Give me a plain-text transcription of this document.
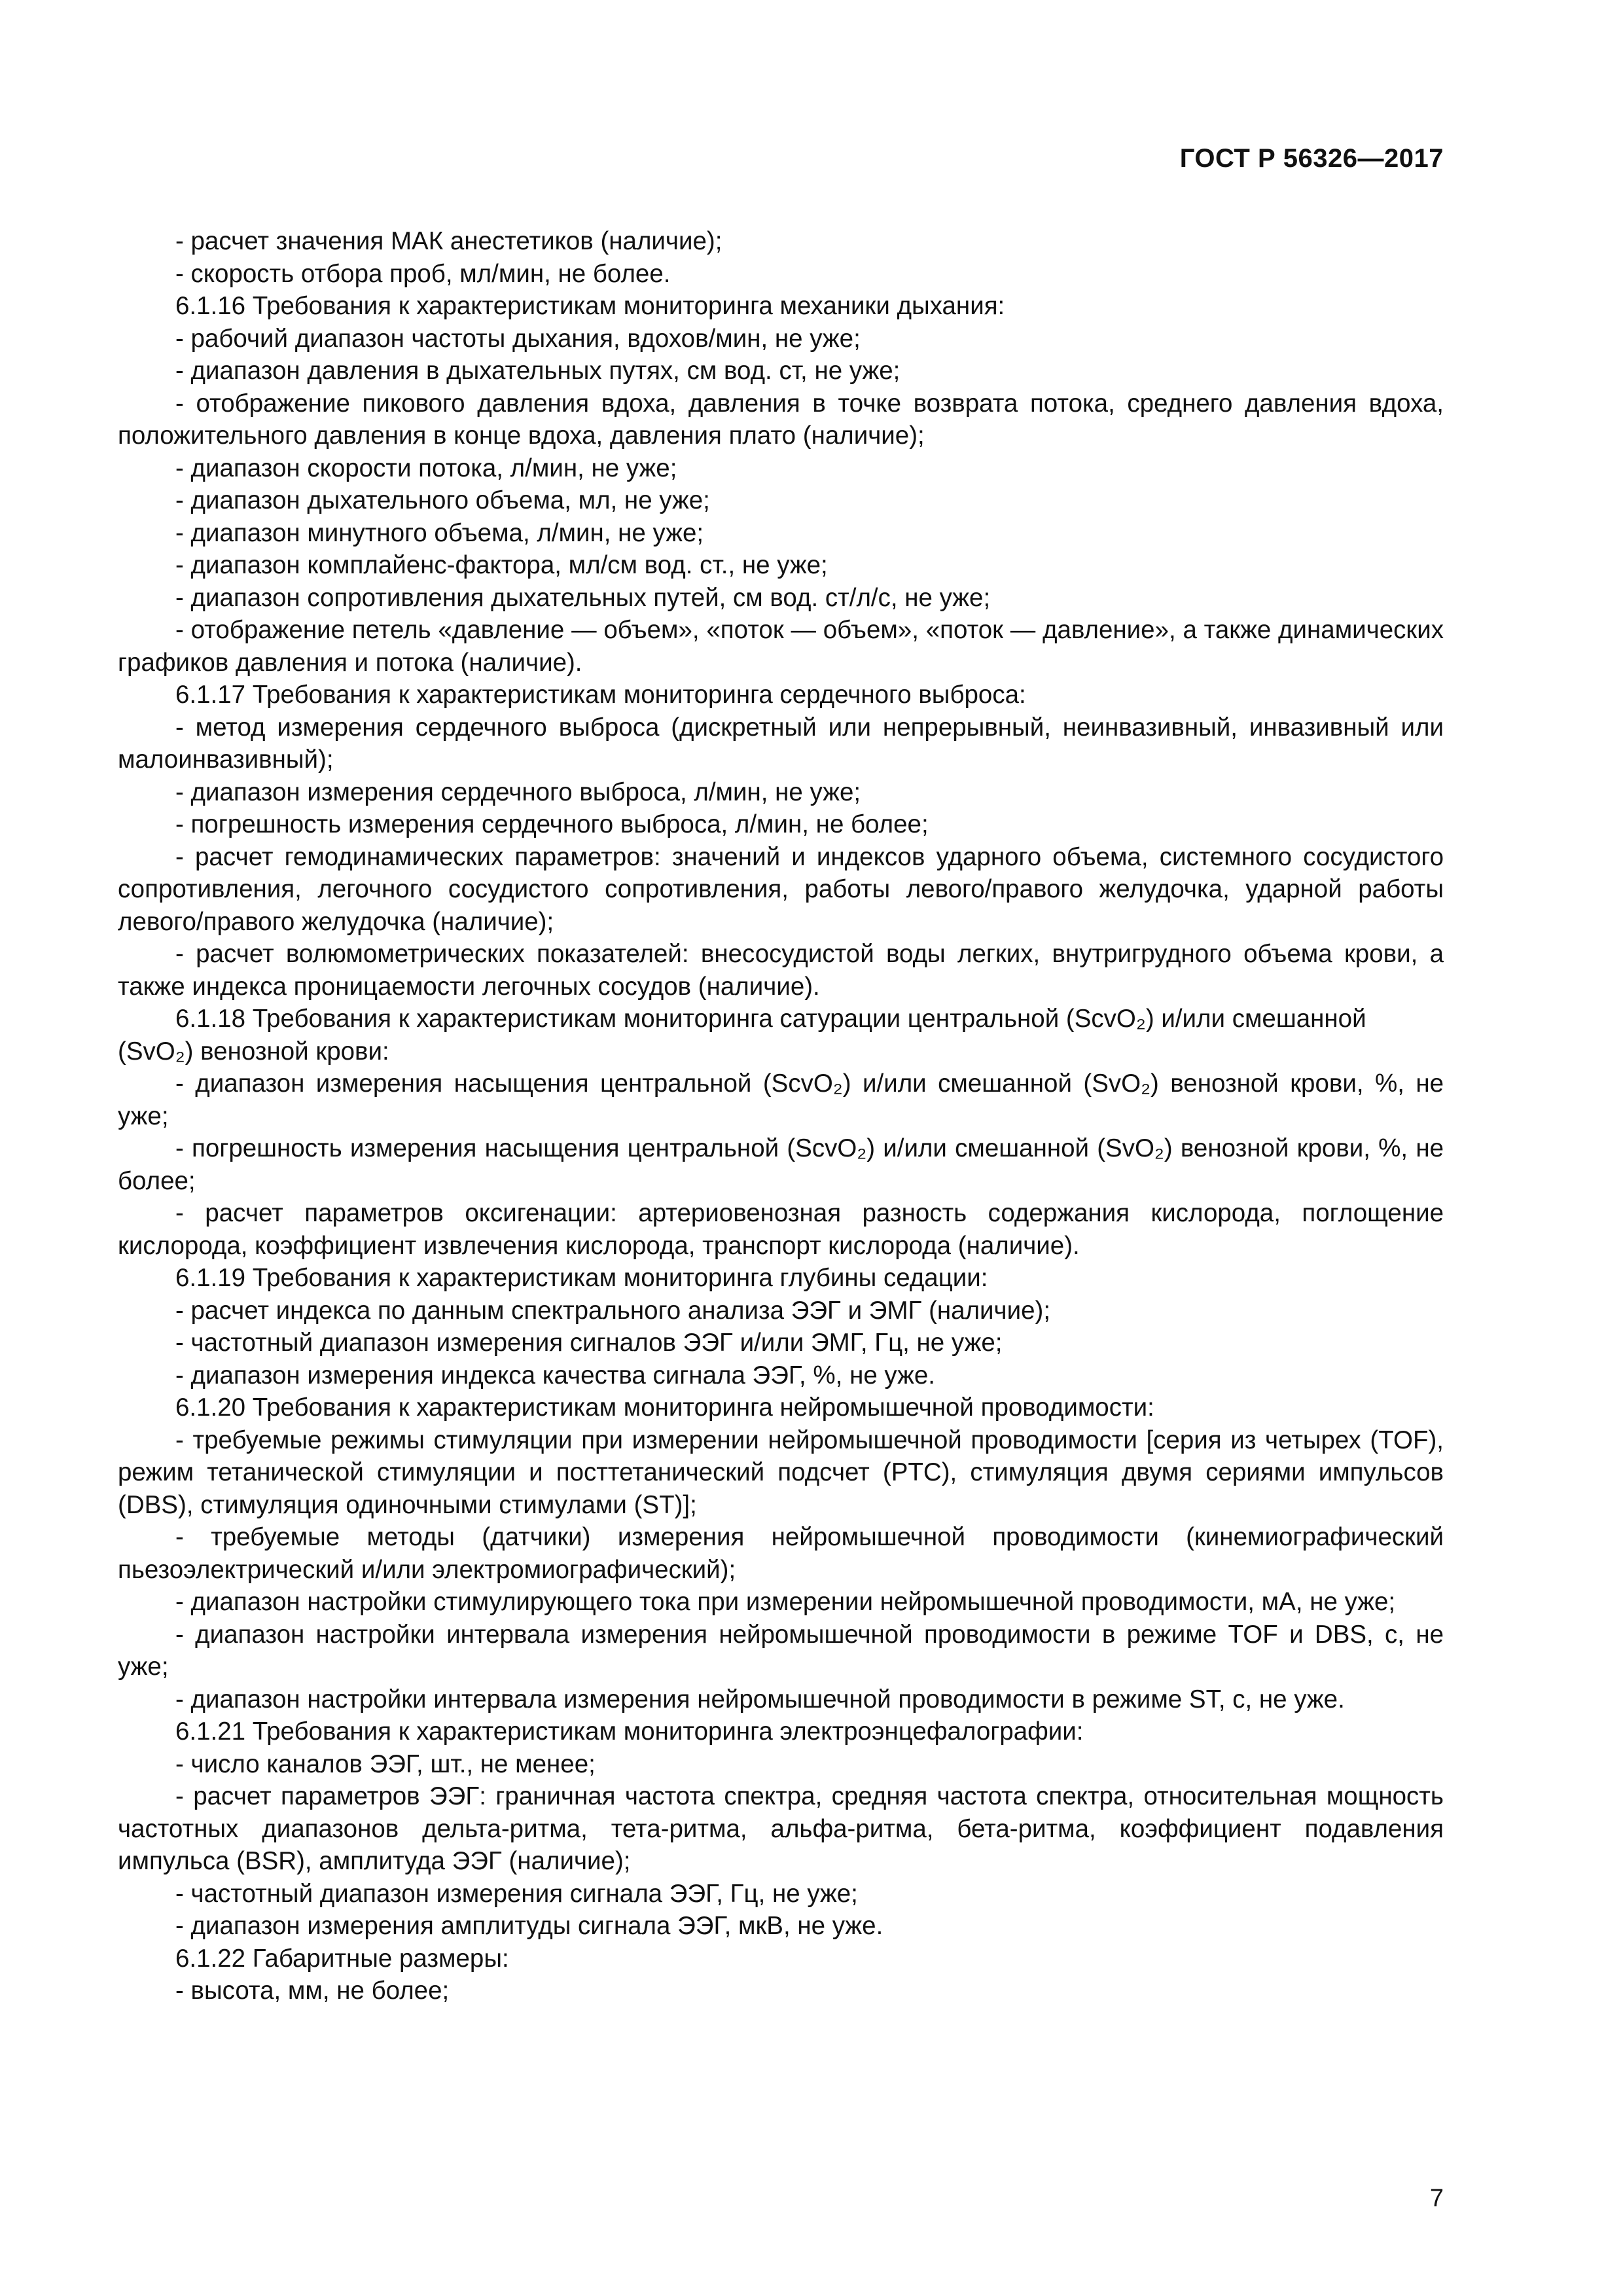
ГОСТ Р 56326—2017

- расчет значения МАК анестетиков (наличие);

- скорость отбора проб, мл/мин, не более.

6.1.16 Требования к характеристикам мониторинга механики дыхания:

- рабочий диапазон частоты дыхания, вдохов/мин, не уже;

- диапазон давления в дыхательных путях, см вод. ст, не уже;

- отображение пикового давления вдоха, давления в точке возврата потока, среднего давления вдоха, положительного давления в конце вдоха, давления плато (наличие);

- диапазон скорости потока, л/мин, не уже;

- диапазон дыхательного объема, мл, не уже;

- диапазон минутного объема, л/мин, не уже;

- диапазон комплайенс-фактора, мл/см вод. ст., не уже;

- диапазон сопротивления дыхательных путей, см вод. ст/л/с, не уже;

- отображение петель «давление — объем», «поток — объем», «поток — давление», а также динамических графиков давления и потока (наличие).

6.1.17 Требования к характеристикам мониторинга сердечного выброса:

- метод измерения сердечного выброса (дискретный или непрерывный, неинвазивный, инвазивный или малоинвазивный);

- диапазон измерения сердечного выброса, л/мин, не уже;

- погрешность измерения сердечного выброса, л/мин, не более;

- расчет гемодинамических параметров: значений и индексов ударного объема, системного сосудистого сопротивления, легочного сосудистого сопротивления, работы левого/правого желудочка, ударной работы левого/правого желудочка (наличие);

- расчет волюмометрических показателей: внесосудистой воды легких, внутригрудного объема крови, а также индекса проницаемости легочных сосудов (наличие).

6.1.18 Требования к характеристикам мониторинга сатурации центральной (ScvO₂) и/или смешанной (SvO₂) венозной крови:

- диапазон измерения насыщения центральной (ScvO₂) и/или смешанной (SvO₂) венозной крови, %, не уже;

- погрешность измерения насыщения центральной (ScvO₂) и/или смешанной (SvO₂) венозной крови, %, не более;

- расчет параметров оксигенации: артериовенозная разность содержания кислорода, поглощение кислорода, коэффициент извлечения кислорода, транспорт кислорода (наличие).

6.1.19 Требования к характеристикам мониторинга глубины седации:

- расчет индекса по данным спектрального анализа ЭЭГ и ЭМГ (наличие);

- частотный диапазон измерения сигналов ЭЭГ и/или ЭМГ, Гц, не уже;

- диапазон измерения индекса качества сигнала ЭЭГ, %, не уже.

6.1.20 Требования к характеристикам мониторинга нейромышечной проводимости:

- требуемые режимы стимуляции при измерении нейромышечной проводимости [серия из четырех (TOF), режим тетанической стимуляции и посттетанический подсчет (PTC), стимуляция двумя сериями импульсов (DBS), стимуляция одиночными стимулами (ST)];

- требуемые методы (датчики) измерения нейромышечной проводимости (кинемиографический пьезоэлектрический и/или электромиографический);

- диапазон настройки стимулирующего тока при измерении нейромышечной проводимости, мА, не уже;

- диапазон настройки интервала измерения нейромышечной проводимости в режиме TOF и DBS, с, не уже;

- диапазон настройки интервала измерения нейромышечной проводимости в режиме ST, с, не уже.

6.1.21 Требования к характеристикам мониторинга электроэнцефалографии:

- число каналов ЭЭГ, шт., не менее;

- расчет параметров ЭЭГ: граничная частота спектра, средняя частота спектра, относительная мощность частотных диапазонов дельта-ритма, тета-ритма, альфа-ритма, бета-ритма, коэффициент подавления импульса (BSR), амплитуда ЭЭГ (наличие);

- частотный диапазон измерения сигнала ЭЭГ, Гц, не уже;

- диапазон измерения амплитуды сигнала ЭЭГ, мкВ, не уже.

6.1.22 Габаритные размеры:

- высота, мм, не более;

7
